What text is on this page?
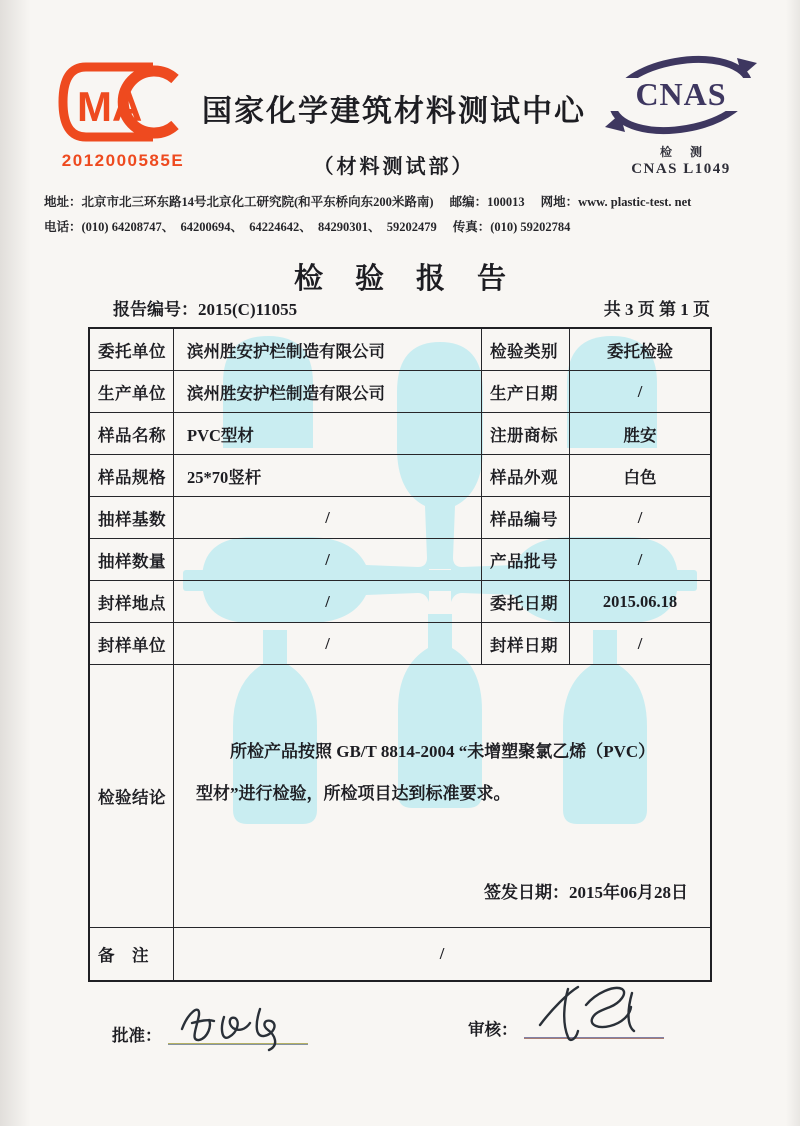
MA
2012000585E
国家化学建筑材料测试中心
（材料测试部）
CNAS
检测
CNAS L1049
地址：北京市北三环东路14号北京化工研究院(和平东桥向东200米路南) 邮编：100013 网地：www. plastic-test. net
电话：(010) 64208747、  64200694、  64224642、  84290301、  59202479 传真：(010) 59202784
检验报告
报告编号：2015(C)11055	共 3 页 第 1 页
委托单位	滨州胜安护栏制造有限公司	检验类别	委托检验
生产单位	滨州胜安护栏制造有限公司	生产日期	/
样品名称	PVC型材	注册商标	胜安
样品规格	25*70竖杆	样品外观	白色
抽样基数	/	样品编号	/
抽样数量	/	产品批号	/
封样地点	/	委托日期	2015.06.18
封样单位	/	封样日期	/
检验结论
所检产品按照 GB/T 8814-2004 “未增塑聚氯乙烯（PVC）
型材”进行检验，所检项目达到标准要求。
签发日期：2015年06月28日
备　注	/
批准：	审核：
